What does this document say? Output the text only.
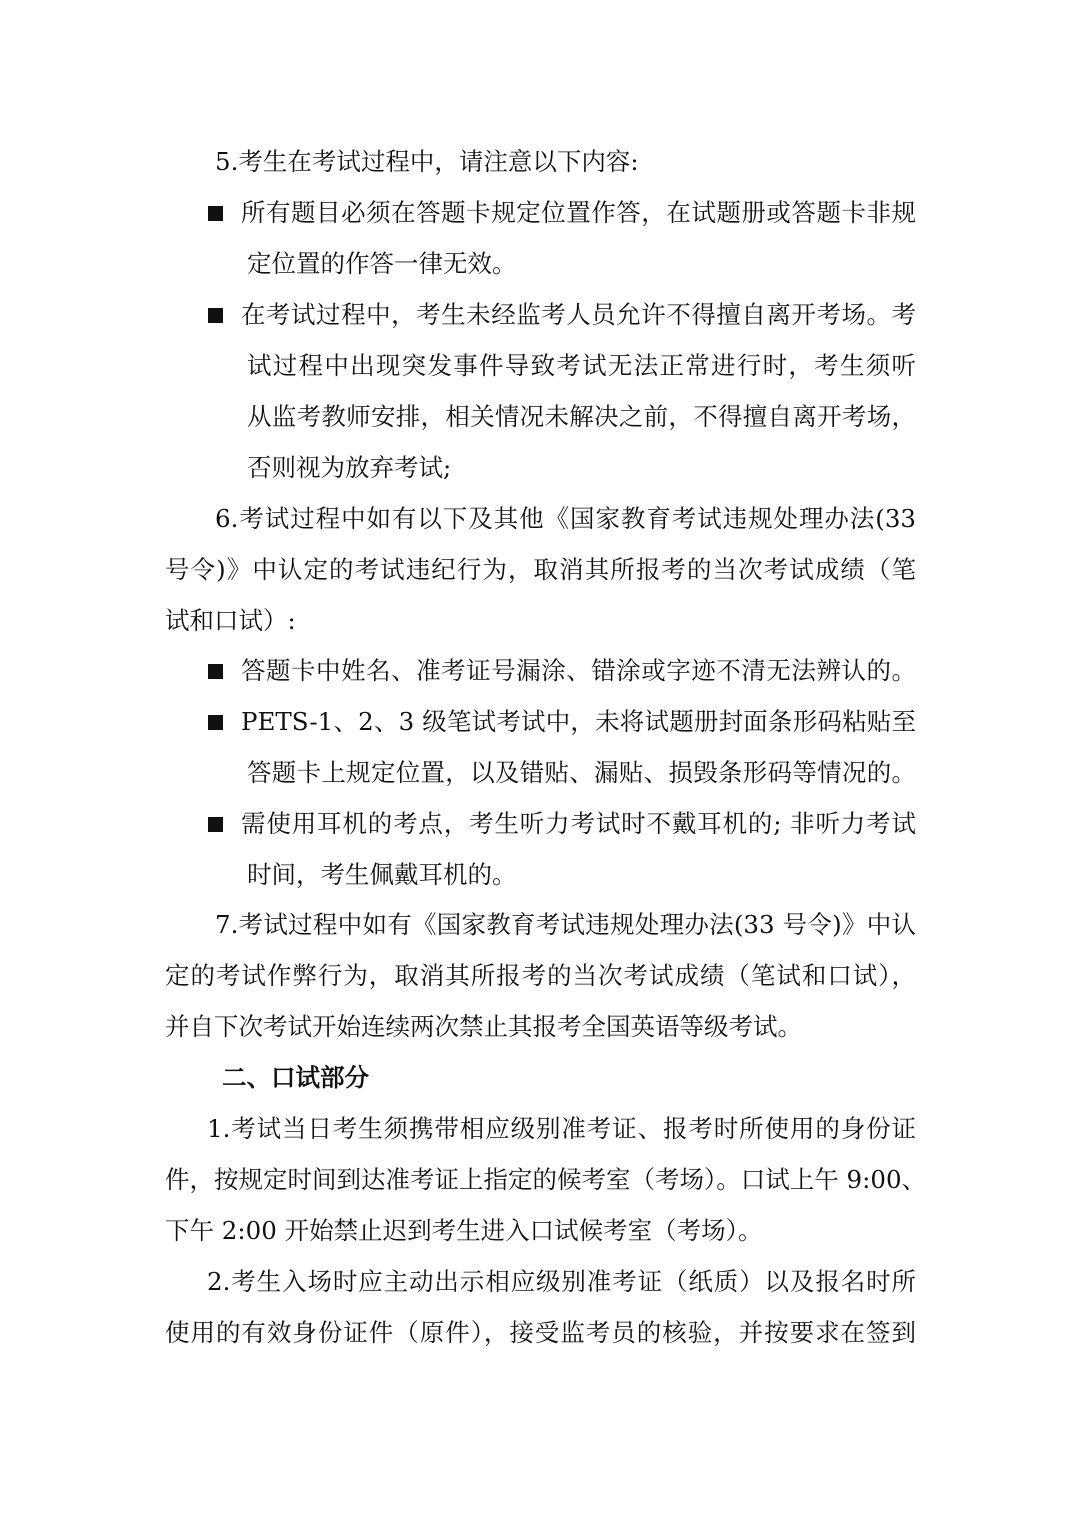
5.考生在考试过程中，请注意以下内容:
所有题目必须在答题卡规定位置作答，在试题册或答题卡非规
定位置的作答一律无效。
在考试过程中，考生未经监考人员允许不得擅自离开考场。考
试过程中出现突发事件导致考试无法正常进行时，考生须听
从监考教师安排，相关情况未解决之前，不得擅自离开考场，
否则视为放弃考试;
6.考试过程中如有以下及其他《国家教育考试违规处理办法(33
号令)》中认定的考试违纪行为，取消其所报考的当次考试成绩（笔
试和口试）:
答题卡中姓名、准考证号漏涂、错涂或字迹不清无法辨认的。
PETS-1、2、3 级笔试考试中，未将试题册封面条形码粘贴至
答题卡上规定位置，以及错贴、漏贴、损毁条形码等情况的。
需使用耳机的考点，考生听力考试时不戴耳机的; 非听力考试
时间，考生佩戴耳机的。
7.考试过程中如有《国家教育考试违规处理办法(33 号令)》中认
定的考试作弊行为，取消其所报考的当次考试成绩（笔试和口试），
并自下次考试开始连续两次禁止其报考全国英语等级考试。
二、口试部分
1.考试当日考生须携带相应级别准考证、报考时所使用的身份证
件，按规定时间到达准考证上指定的候考室（考场）。口试上午 9:00、
下午 2:00 开始禁止迟到考生进入口试候考室（考场）。
2.考生入场时应主动出示相应级别准考证（纸质）以及报名时所
使用的有效身份证件（原件），接受监考员的核验，并按要求在签到
